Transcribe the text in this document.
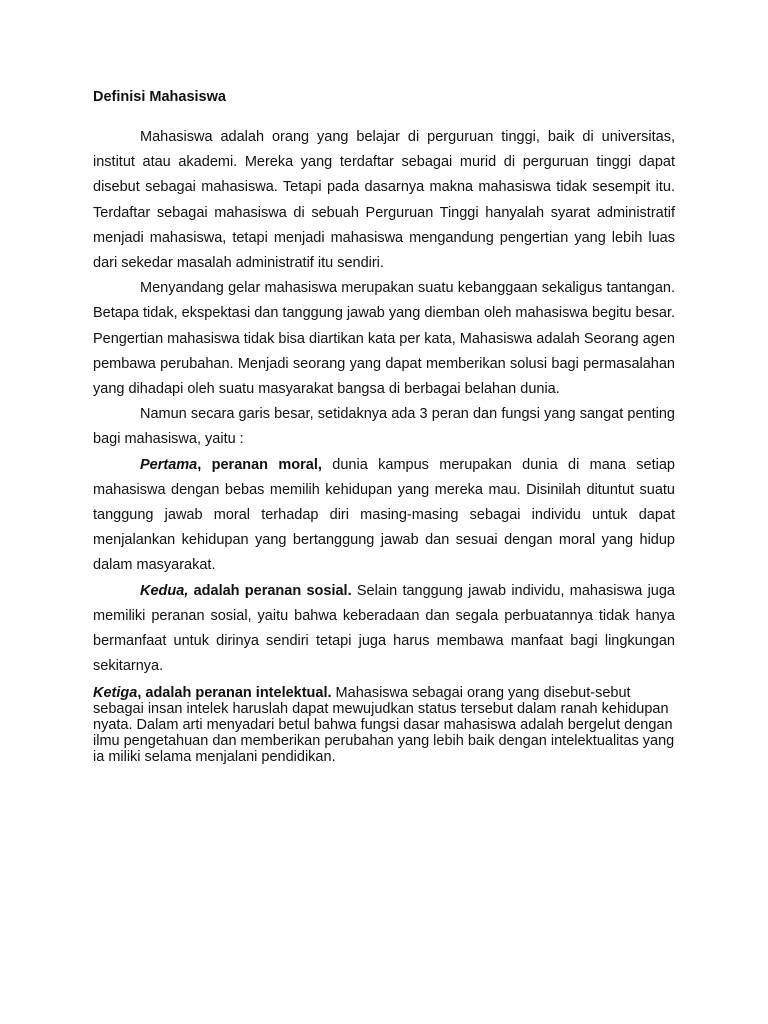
Definisi Mahasiswa

Mahasiswa adalah orang yang belajar di perguruan tinggi, baik di universitas, institut atau akademi. Mereka yang terdaftar sebagai murid di perguruan tinggi dapat disebut sebagai mahasiswa. Tetapi pada dasarnya makna mahasiswa tidak sesempit itu. Terdaftar sebagai mahasiswa di sebuah Perguruan Tinggi hanyalah syarat administratif menjadi mahasiswa, tetapi menjadi mahasiswa mengandung pengertian yang lebih luas dari sekedar masalah administratif itu sendiri.

Menyandang gelar mahasiswa merupakan suatu kebanggaan sekaligus tantangan. Betapa tidak, ekspektasi dan tanggung jawab yang diemban oleh mahasiswa begitu besar. Pengertian mahasiswa tidak bisa diartikan kata per kata, Mahasiswa adalah Seorang agen pembawa perubahan. Menjadi seorang yang dapat memberikan solusi bagi permasalahan yang dihadapi oleh suatu masyarakat bangsa di berbagai belahan dunia.

Namun secara garis besar, setidaknya ada 3 peran dan fungsi yang sangat penting bagi mahasiswa, yaitu :

Pertama, peranan moral, dunia kampus merupakan dunia di mana setiap mahasiswa dengan bebas memilih kehidupan yang mereka mau. Disinilah dituntut suatu tanggung jawab moral terhadap diri masing-masing sebagai individu untuk dapat menjalankan kehidupan yang bertanggung jawab dan sesuai dengan moral yang hidup dalam masyarakat.

Kedua, adalah peranan sosial. Selain tanggung jawab individu, mahasiswa juga memiliki peranan sosial, yaitu bahwa keberadaan dan segala perbuatannya tidak hanya bermanfaat untuk dirinya sendiri tetapi juga harus membawa manfaat bagi lingkungan sekitarnya.

Ketiga, adalah peranan intelektual. Mahasiswa sebagai orang yang disebut-sebut sebagai insan intelek haruslah dapat mewujudkan status tersebut dalam ranah kehidupan nyata. Dalam arti menyadari betul bahwa fungsi dasar mahasiswa adalah bergelut dengan ilmu pengetahuan dan memberikan perubahan yang lebih baik dengan intelektualitas yang ia miliki selama menjalani pendidikan.
